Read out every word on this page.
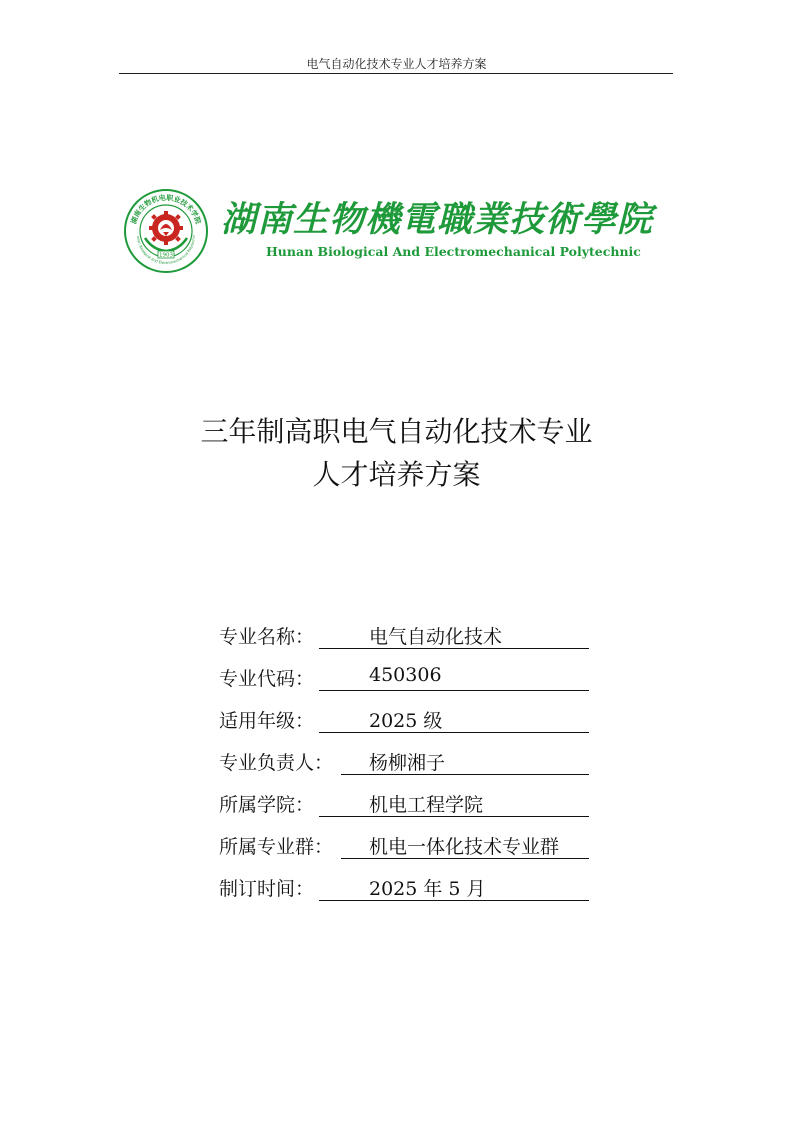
电气自动化技术专业人才培养方案
湖南生物机电职业技术学院
unan Biological And Electromechanical Polytechni
1903
湖南生物機電職業技術學院
Hunan Biological And Electromechanical Polytechnic
三年制高职电气自动化技术专业
人才培养方案
专业名称：	电气自动化技术
专业代码：	450306
适用年级：	2025 级
专业负责人： 杨柳湘子
所属学院：	机电工程学院
所属专业群： 机电一体化技术专业群
制订时间：	2025 年 5 月
